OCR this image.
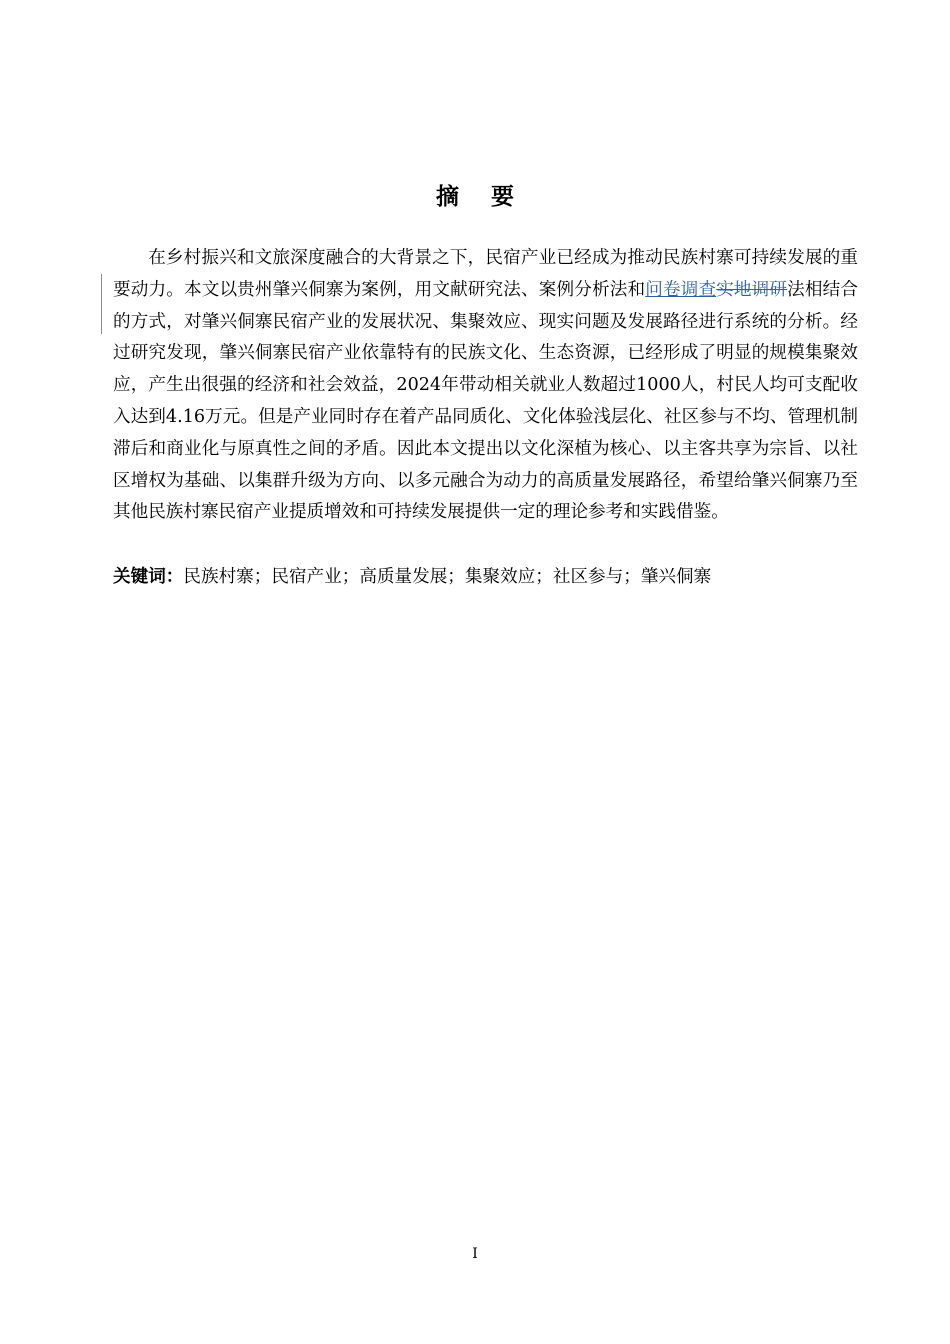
摘    要

在乡村振兴和文旅深度融合的大背景之下，民宿产业已经成为推动民族村寨可持续发展的重要动力。本文以贵州肇兴侗寨为案例，用文献研究法、案例分析法和问卷调查实地调研法相结合的方式，对肇兴侗寨民宿产业的发展状况、集聚效应、现实问题及发展路径进行系统的分析。经过研究发现，肇兴侗寨民宿产业依靠特有的民族文化、生态资源，已经形成了明显的规模集聚效应，产生出很强的经济和社会效益，2024年带动相关就业人数超过1000人，村民人均可支配收入达到4.16万元。但是产业同时存在着产品同质化、文化体验浅层化、社区参与不均、管理机制滞后和商业化与原真性之间的矛盾。因此本文提出以文化深植为核心、以主客共享为宗旨、以社区增权为基础、以集群升级为方向、以多元融合为动力的高质量发展路径，希望给肇兴侗寨乃至其他民族村寨民宿产业提质增效和可持续发展提供一定的理论参考和实践借鉴。

关键词：民族村寨；民宿产业；高质量发展；集聚效应；社区参与；肇兴侗寨

I
